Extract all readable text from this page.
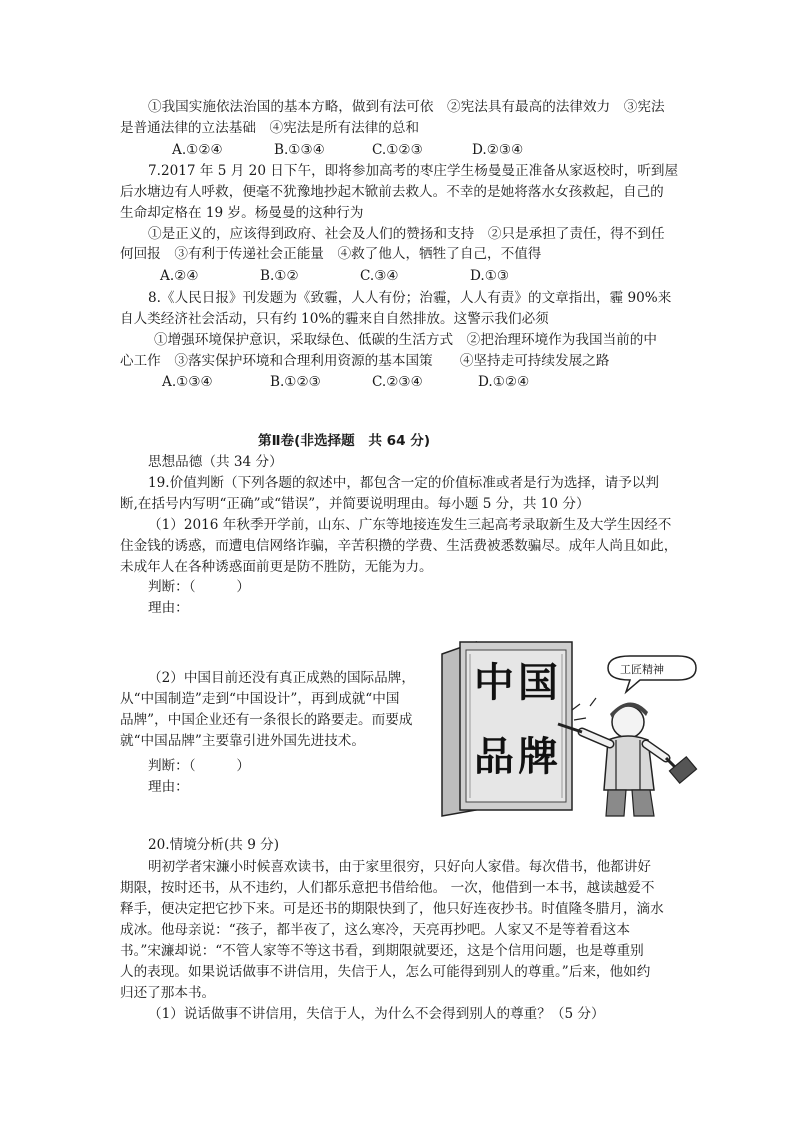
①我国实施依法治国的基本方略，做到有法可依　②宪法具有最高的法律效力　③宪法
是普通法律的立法基础　④宪法是所有法律的总和
A.①②④	B.①③④	C.①②③	D.②③④
7.2017 年 5 月 20 日下午，即将参加高考的枣庄学生杨曼曼正准备从家返校时，听到屋
后水塘边有人呼救，便毫不犹豫地抄起木锨前去救人。不幸的是她将落水女孩救起，自己的
生命却定格在 19 岁。杨曼曼的这种行为
①是正义的，应该得到政府、社会及人们的赞扬和支持　②只是承担了责任，得不到任
何回报　③有利于传递社会正能量　④救了他人，牺牲了自己，不值得
A.②④	B.①②	C.③④	D.①③
8.《人民日报》刊发题为《致霾，人人有份；治霾，人人有责》的文章指出，霾 90%来
自人类经济社会活动，只有约 10%的霾来自自然排放。这警示我们必须
①增强环境保护意识，采取绿色、低碳的生活方式　②把治理环境作为我国当前的中
心工作　③落实保护环境和合理利用资源的基本国策　　④坚持走可持续发展之路
A.①③④	B.①②③	C.②③④	D.①②④
第Ⅱ卷(非选择题　共 64 分)
思想品德（共 34 分）
19.价值判断（下列各题的叙述中，都包含一定的价值标准或者是行为选择，请予以判
断,在括号内写明“正确”或“错误”，并简要说明理由。每小题 5 分，共 10 分）
（1）2016 年秋季开学前，山东、广东等地接连发生三起高考录取新生及大学生因经不
住金钱的诱惑，而遭电信网络诈骗，辛苦积攒的学费、生活费被悉数骗尽。成年人尚且如此，
未成年人在各种诱惑面前更是防不胜防，无能为力。
判断：（　　　）
理由：
（2）中国目前还没有真正成熟的国际品牌，
从“中国制造”走到“中国设计”，再到成就“中国
品牌”，中国企业还有一条很长的路要走。而要成
就“中国品牌”主要靠引进外国先进技术。
判断：（　　　）
理由：
中 国品 牌
工匠精神
20.情境分析(共 9 分)
明初学者宋濂小时候喜欢读书，由于家里很穷，只好向人家借。每次借书，他都讲好
期限，按时还书，从不违约，人们都乐意把书借给他。 一次，他借到一本书，越读越爱不
释手，便决定把它抄下来。可是还书的期限快到了，他只好连夜抄书。时值隆冬腊月，滴水
成冰。他母亲说：“孩子，都半夜了，这么寒冷，天亮再抄吧。人家又不是等着看这本
书。”宋濂却说：“不管人家等不等这书看，到期限就要还，这是个信用问题，也是尊重别
人的表现。如果说话做事不讲信用，失信于人，怎么可能得到别人的尊重。”后来，他如约
归还了那本书。
（1）说话做事不讲信用，失信于人，为什么不会得到别人的尊重？（5 分）
